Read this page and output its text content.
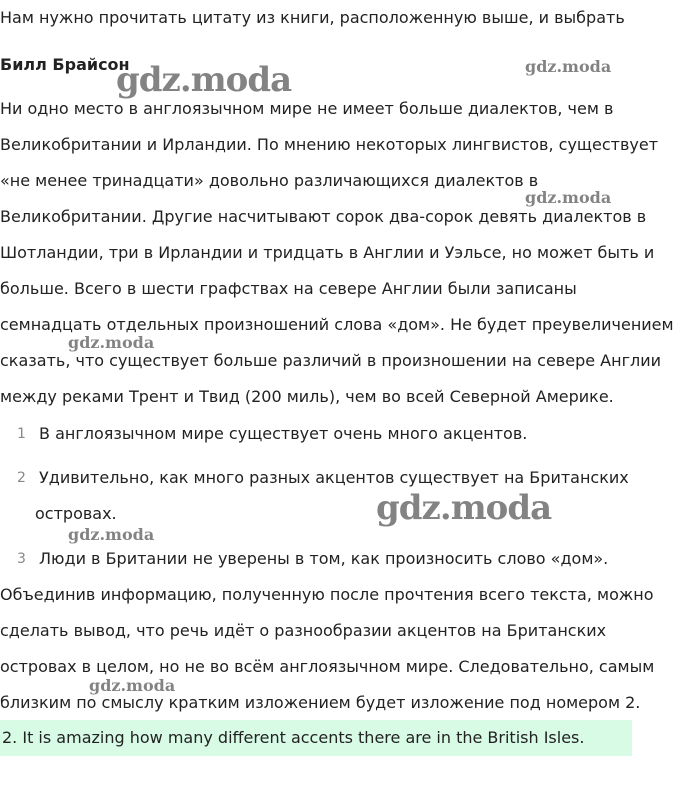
Нам нужно прочитать цитату из книги, расположенную выше, и выбрать
Билл Брайсон
Ни одно место в англоязычном мире не имеет больше диалектов, чем в
Великобритании и Ирландии. По мнению некоторых лингвистов, существует
«не менее тринадцати» довольно различающихся диалектов в
Великобритании. Другие насчитывают сорок два-сорок девять диалектов в
Шотландии, три в Ирландии и тридцать в Англии и Уэльсе, но может быть и
больше. Всего в шести графствах на севере Англии были записаны
семнадцать отдельных произношений слова «дом». Не будет преувеличением
сказать, что существует больше различий в произношении на севере Англии
между реками Трент и Твид (200 миль), чем во всей Северной Америке.
1 В англоязычном мире существует очень много акцентов.
2 Удивительно, как много разных акцентов существует на Британских
островах.
3 Люди в Британии не уверены в том, как произносить слово «дом».
Объединив информацию, полученную после прочтения всего текста, можно
сделать вывод, что речь идёт о разнообразии акцентов на Британских
островах в целом, но не во всём англоязычном мире. Следовательно, самым
близким по смыслу кратким изложением будет изложение под номером 2.
2. It is amazing how many different accents there are in the British Isles.
gdz.moda	gdz.moda
gdz.moda
gdz.moda
gdz.moda
gdz.moda
gdz.moda
